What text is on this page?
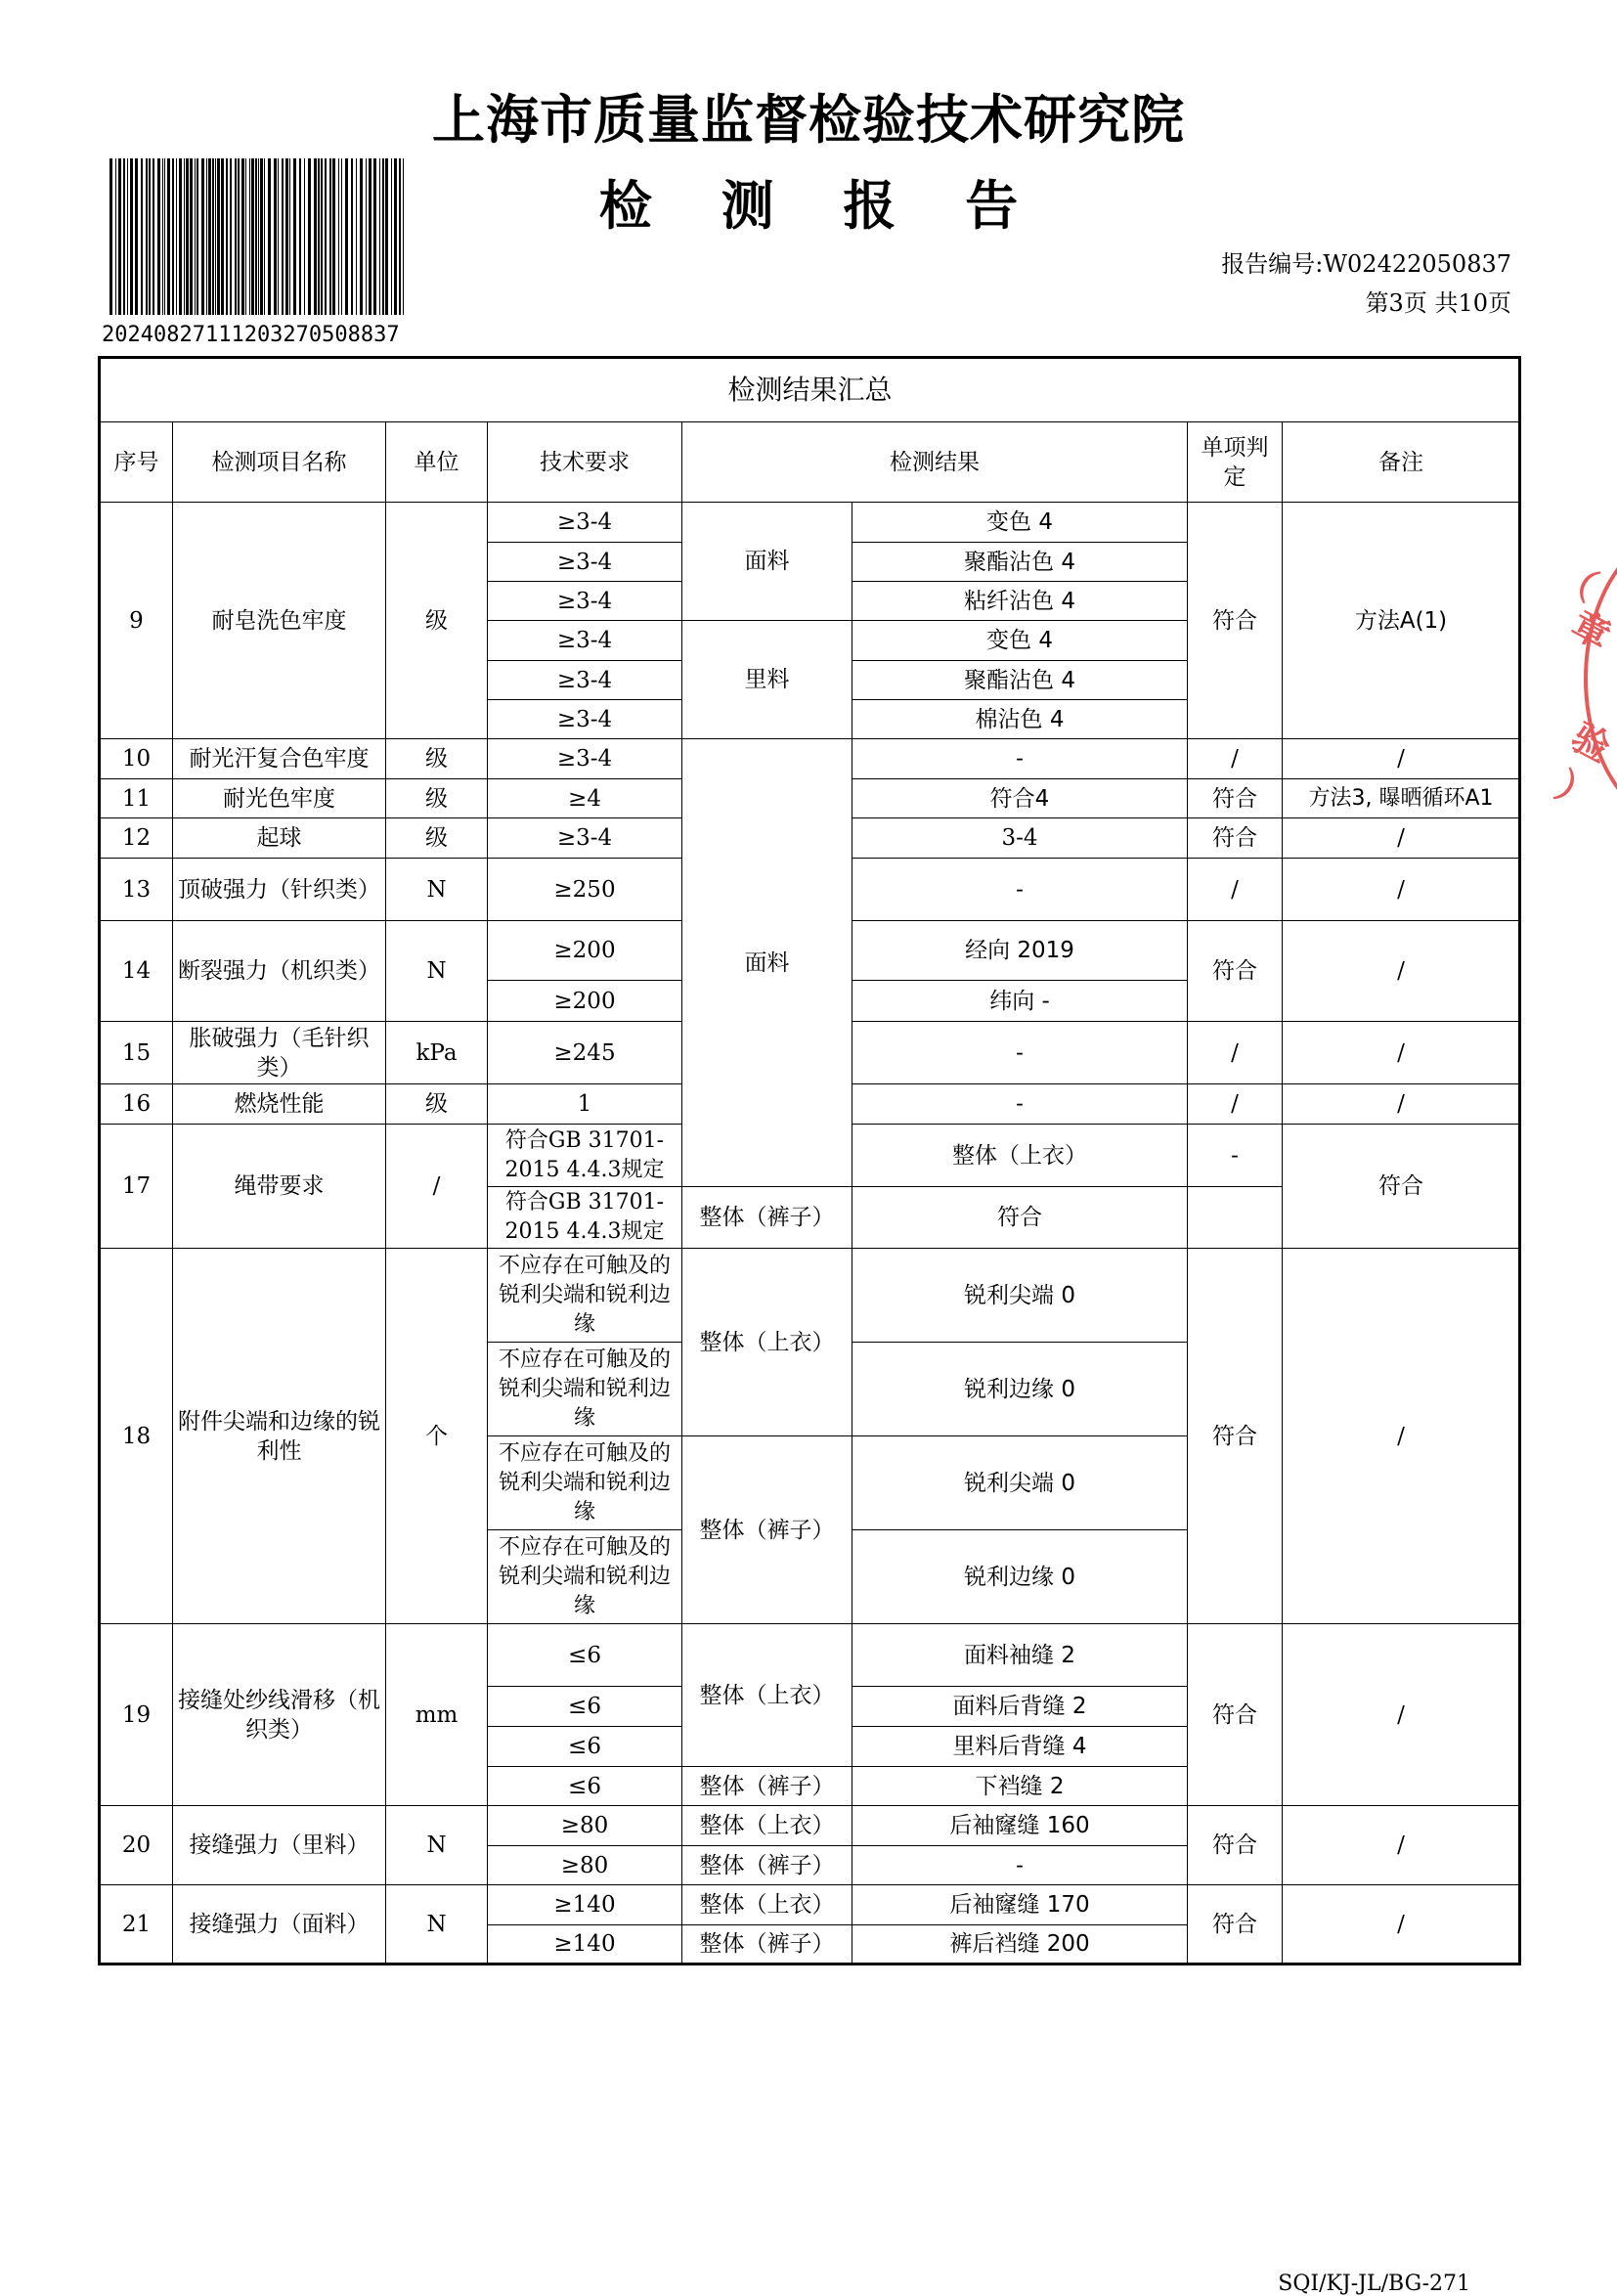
上海市质量监督检验技术研究院
检 测 报 告
20240827111203270508837
报告编号:W02422050837
第3页 共10页
（
章
验
）
检测结果汇总								
序号	检测项目名称	单位	技术要求	检测结果		单项判定	备注	
9	耐皂洗色牢度	级	≥3-4	面料	变色 4	符合	方法A(1)	
			≥3-4		聚酯沾色 4			
			≥3-4		粘纤沾色 4			
			≥3-4	里料	变色 4			
			≥3-4		聚酯沾色 4			
			≥3-4		棉沾色 4			
10	耐光汗复合色牢度	级	≥3-4	面料	-	/	/	
11	耐光色牢度	级	≥4		符合4	符合	方法3, 曝晒循环A1	
12	起球	级	≥3-4		3-4	符合	/	
13	顶破强力（针织类）	N	≥250		-	/	/	
14	断裂强力（机织类）	N	≥200		经向 2019	符合	/	
			≥200		纬向 -			
15	胀破强力（毛针织类）	kPa	≥245		-	/	/	
16	燃烧性能	级	1		-	/	/	
17	绳带要求	/	符合GB 31701-2015 4.4.3规定		整体（上衣）	-	符合	
			符合GB 31701-2015 4.4.3规定	整体（裤子）	符合			
18	附件尖端和边缘的锐利性	个	不应存在可触及的锐利尖端和锐利边缘	整体（上衣）	锐利尖端 0	符合	/	
			不应存在可触及的锐利尖端和锐利边缘		锐利边缘 0			
			不应存在可触及的锐利尖端和锐利边缘	整体（裤子）	锐利尖端 0			
			不应存在可触及的锐利尖端和锐利边缘		锐利边缘 0			
19	接缝处纱线滑移（机织类）	mm	≤6	整体（上衣）	面料袖缝 2	符合	/	
			≤6		面料后背缝 2			
			≤6		里料后背缝 4			
			≤6	整体（裤子）	下裆缝 2			
20	接缝强力（里料）	N	≥80	整体（上衣）	后袖窿缝 160	符合	/	
			≥80	整体（裤子）	-			
21	接缝强力（面料）	N	≥140	整体（上衣）	后袖窿缝 170	符合	/	
			≥140	整体（裤子）	裤后裆缝 200			
SQI/KJ-JL/BG-271
